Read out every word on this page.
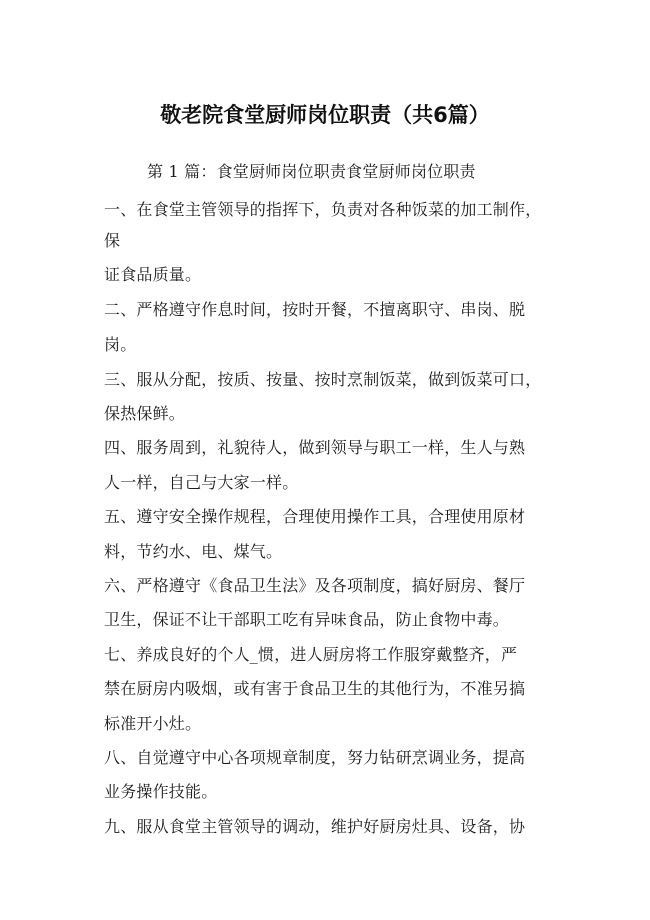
敬老院食堂厨师岗位职责（共6篇）
第 1 篇：食堂厨师岗位职责食堂厨师岗位职责
一、在食堂主管领导的指挥下，负责对各种饭菜的加工制作，
保
证食品质量。
二、严格遵守作息时间，按时开餐，不擅离职守、串岗、脱
岗。
三、服从分配，按质、按量、按时烹制饭菜，做到饭菜可口，
保热保鲜。
四、服务周到，礼貌待人，做到领导与职工一样，生人与熟
人一样，自己与大家一样。
五、遵守安全操作规程，合理使用操作工具，合理使用原材
料，节约水、电、煤气。
六、严格遵守《食品卫生法》及各项制度，搞好厨房、餐厅
卫生，保证不让干部职工吃有异味食品，防止食物中毒。
七、养成良好的个人_惯，进人厨房将工作服穿戴整齐，严
禁在厨房内吸烟，或有害于食品卫生的其他行为，不准另搞
标准开小灶。
八、自觉遵守中心各项规章制度，努力钻研烹调业务，提高
业务操作技能。
九、服从食堂主管领导的调动，维护好厨房灶具、设备，协
